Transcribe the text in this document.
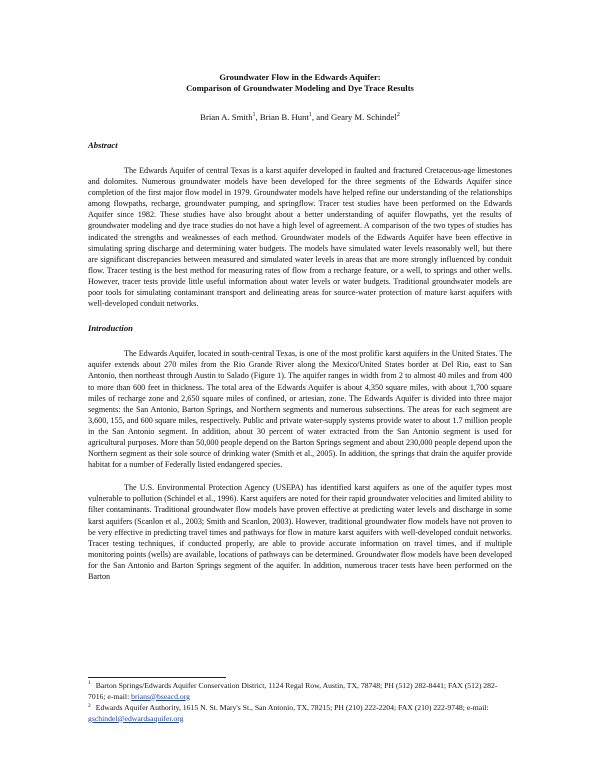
Groundwater Flow in the Edwards Aquifer:
Comparison of Groundwater Modeling and Dye Trace Results
Brian A. Smith$^1$, Brian B. Hunt$^1$, and Geary M. Schindel$^2$
Abstract

The Edwards Aquifer of central Texas is a karst aquifer developed in faulted and fractured Cretaceous-age limestones and dolomites. Numerous groundwater models have been developed for the three segments of the Edwards Aquifer since completion of the first major flow model in 1979. Groundwater models have helped refine our understanding of the relationships among flowpaths, recharge, groundwater pumping, and springflow. Tracer test studies have been performed on the Edwards Aquifer since 1982. These studies have also brought about a better understanding of aquifer flowpaths, yet the results of groundwater modeling and dye trace studies do not have a high level of agreement. A comparison of the two types of studies has indicated the strengths and weaknesses of each method. Groundwater models of the Edwards Aquifer have been effective in simulating spring discharge and determining water budgets. The models have simulated water levels reasonably well, but there are significant discrepancies between measured and simulated water levels in areas that are more strongly influenced by conduit flow. Tracer testing is the best method for measuring rates of flow from a recharge feature, or a well, to springs and other wells. However, tracer tests provide little useful information about water levels or water budgets. Traditional groundwater models are poor tools for simulating contaminant transport and delineating areas for source-water protection of mature karst aquifers with well-developed conduit networks.

Introduction

The Edwards Aquifer, located in south-central Texas, is one of the most prolific karst aquifers in the United States. The aquifer extends about 270 miles from the Rio Grande River along the Mexico/United States border at Del Rio, east to San Antonio, then northeast through Austin to Salado (Figure 1). The aquifer ranges in width from 2 to almost 40 miles and from 400 to more than 600 feet in thickness. The total area of the Edwards Aquifer is about 4,350 square miles, with about 1,700 square miles of recharge zone and 2,650 square miles of confined, or artesian, zone. The Edwards Aquifer is divided into three major segments: the San Antonio, Barton Springs, and Northern segments and numerous subsections. The areas for each segment are 3,600, 155, and 600 square miles, respectively. Public and private water-supply systems provide water to about 1.7 million people in the San Antonio segment. In addition, about 30 percent of water extracted from the San Antonio segment is used for agricultural purposes. More than 50,000 people depend on the Barton Springs segment and about 230,000 people depend upon the Northern segment as their sole source of drinking water (Smith et al., 2005). In addition, the springs that drain the aquifer provide habitat for a number of Federally listed endangered species.

The U.S. Environmental Protection Agency (USEPA) has identified karst aquifers as one of the aquifer types most vulnerable to pollution (Schindel et al., 1996). Karst aquifers are noted for their rapid groundwater velocities and limited ability to filter contaminants. Traditional groundwater flow models have proven effective at predicting water levels and discharge in some karst aquifers (Scanlon et al., 2003; Smith and Scanlon, 2003). However, traditional groundwater flow models have not proven to be very effective in predicting travel times and pathways for flow in mature karst aquifers with well-developed conduit networks. Tracer testing techniques, if conducted properly, are able to provide accurate information on travel times, and if multiple monitoring points (wells) are available, locations of pathways can be determined. Groundwater flow models have been developed for the San Antonio and Barton Springs segment of the aquifer. In addition, numerous tracer tests have been performed on the Barton

$^1$ Barton Springs/Edwards Aquifer Conservation District, 1124 Regal Row, Austin, TX, 78748; PH (512) 282-8441; FAX (512) 282-7016; e-mail: brians@bseacd.org

$^2$ Edwards Aquifer Authority, 1615 N. St. Mary's St., San Antonio, TX, 78215; PH (210) 222-2204; FAX (210) 222-9748; e-mail: gschindel@edwardsaquifer.org
